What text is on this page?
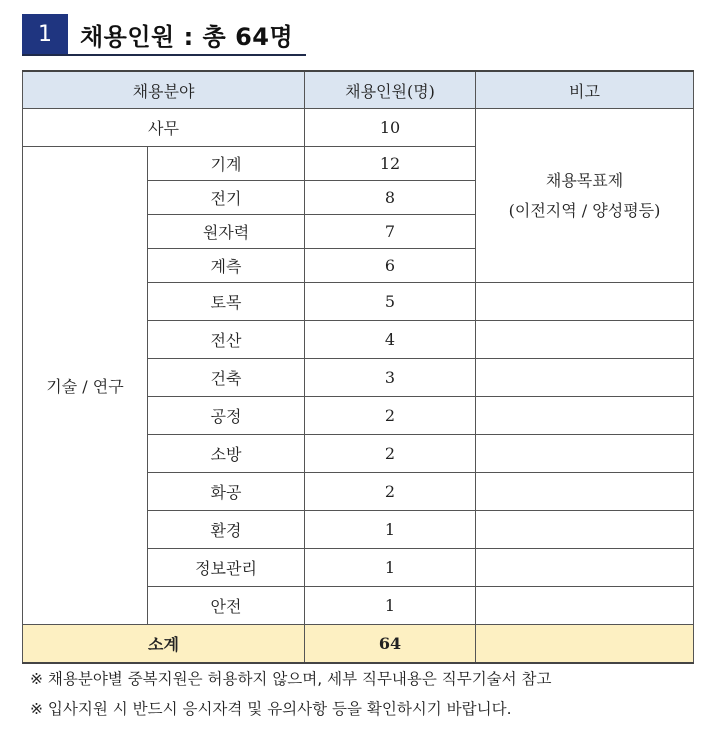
1	채용인원 : 총 64명
채용분야		채용인원(명)	비고
사무		10	채용목표제
(이전지역 / 양성평등)

기술 / 연구	기계	12	
	전기	8	
	원자력	7	
	계측	6	
	토목	5	
	전산	4	
	건축	3	
	공정	2	
	소방	2	
	화공	2	
	환경	1	
	정보관리	1	
	안전	1	
소계		64	
※ 채용분야별 중복지원은 허용하지 않으며, 세부 직무내용은 직무기술서 참고
※ 입사지원 시 반드시 응시자격 및 유의사항 등을 확인하시기 바랍니다.
